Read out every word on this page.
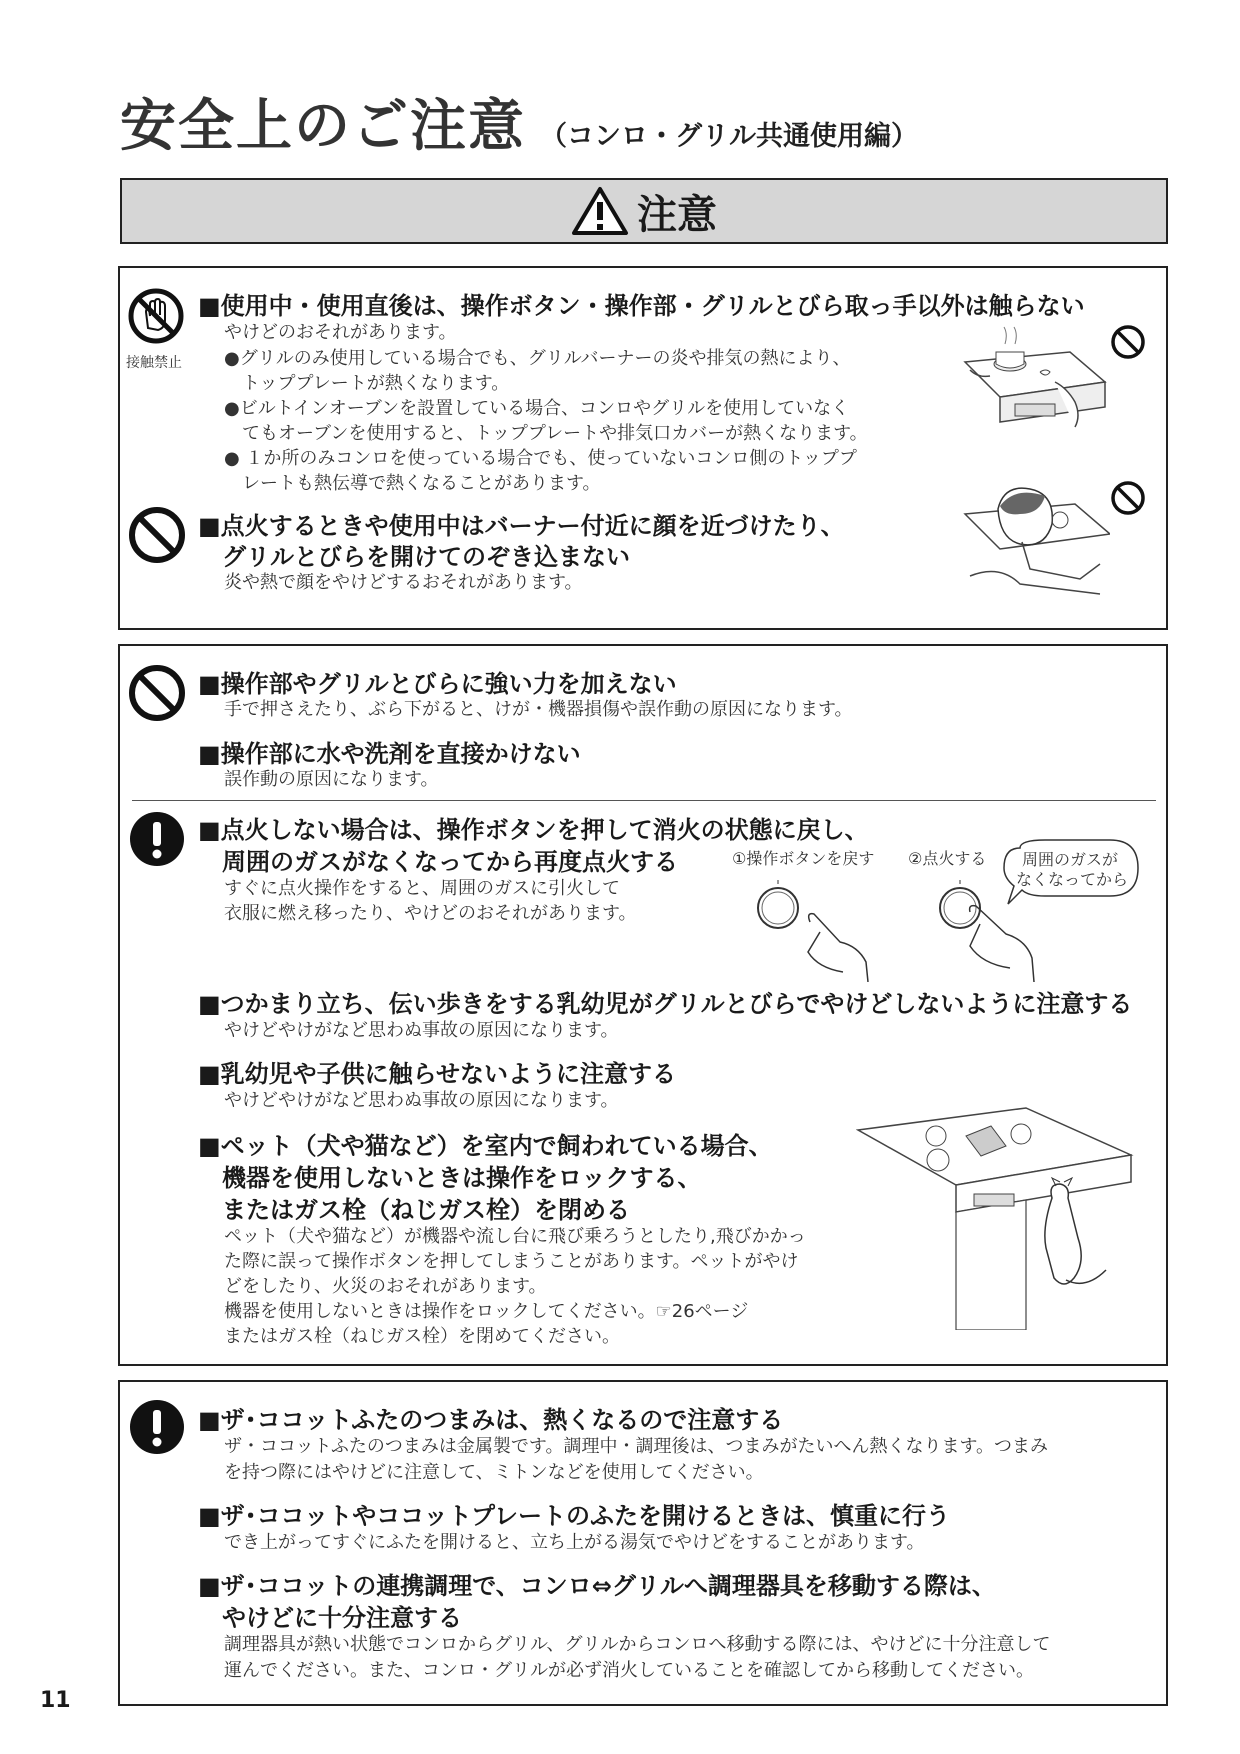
安全上のご注意 （コンロ・グリル共通使用編）
注意
接触禁止
■使用中・使用直後は、操作ボタン・操作部・グリルとびら取っ手以外は触らない
やけどのおそれがあります。
●グリルのみ使用している場合でも、グリルバーナーの炎や排気の熱により、
　トッププレートが熱くなります。
●ビルトインオーブンを設置している場合、コンロやグリルを使用していなく
　てもオーブンを使用すると、トッププレートや排気口カバーが熱くなります。
● １か所のみコンロを使っている場合でも、使っていないコンロ側のトッププ
　レートも熱伝導で熱くなることがあります。
■点火するときや使用中はバーナー付近に顔を近づけたり、
グリルとびらを開けてのぞき込まない
炎や熱で顔をやけどするおそれがあります。
■操作部やグリルとびらに強い力を加えない
手で押さえたり、ぶら下がると、けが・機器損傷や誤作動の原因になります。
■操作部に水や洗剤を直接かけない
誤作動の原因になります。
■点火しない場合は、操作ボタンを押して消火の状態に戻し、
周囲のガスがなくなってから再度点火する
すぐに点火操作をすると、周囲のガスに引火して
衣服に燃え移ったり、やけどのおそれがあります。
①操作ボタンを戻す ②点火する 周囲のガスが
なくなってから
■つかまり立ち、伝い歩きをする乳幼児がグリルとびらでやけどしないように注意する
やけどやけがなど思わぬ事故の原因になります。
■乳幼児や子供に触らせないように注意する
やけどやけがなど思わぬ事故の原因になります。
■ペット（犬や猫など）を室内で飼われている場合、
機器を使用しないときは操作をロックする、
またはガス栓（ねじガス栓）を閉める
ペット（犬や猫など）が機器や流し台に飛び乗ろうとしたり,飛びかかっ
た際に誤って操作ボタンを押してしまうことがあります。ペットがやけ
どをしたり、火災のおそれがあります。
機器を使用しないときは操作をロックしてください。☞26ページ
またはガス栓（ねじガス栓）を閉めてください。
■ザ･ココットふたのつまみは、熱くなるので注意する
ザ・ココットふたのつまみは金属製です。調理中・調理後は、つまみがたいへん熱くなります。つまみ
を持つ際にはやけどに注意して、ミトンなどを使用してください。
■ザ･ココットやココットプレートのふたを開けるときは、慎重に行う
でき上がってすぐにふたを開けると、立ち上がる湯気でやけどをすることがあります。
■ザ･ココットの連携調理で、コンロ⇔グリルへ調理器具を移動する際は、
やけどに十分注意する
調理器具が熱い状態でコンロからグリル、グリルからコンロへ移動する際には、やけどに十分注意して
運んでください。また、コンロ・グリルが必ず消火していることを確認してから移動してください。
11
